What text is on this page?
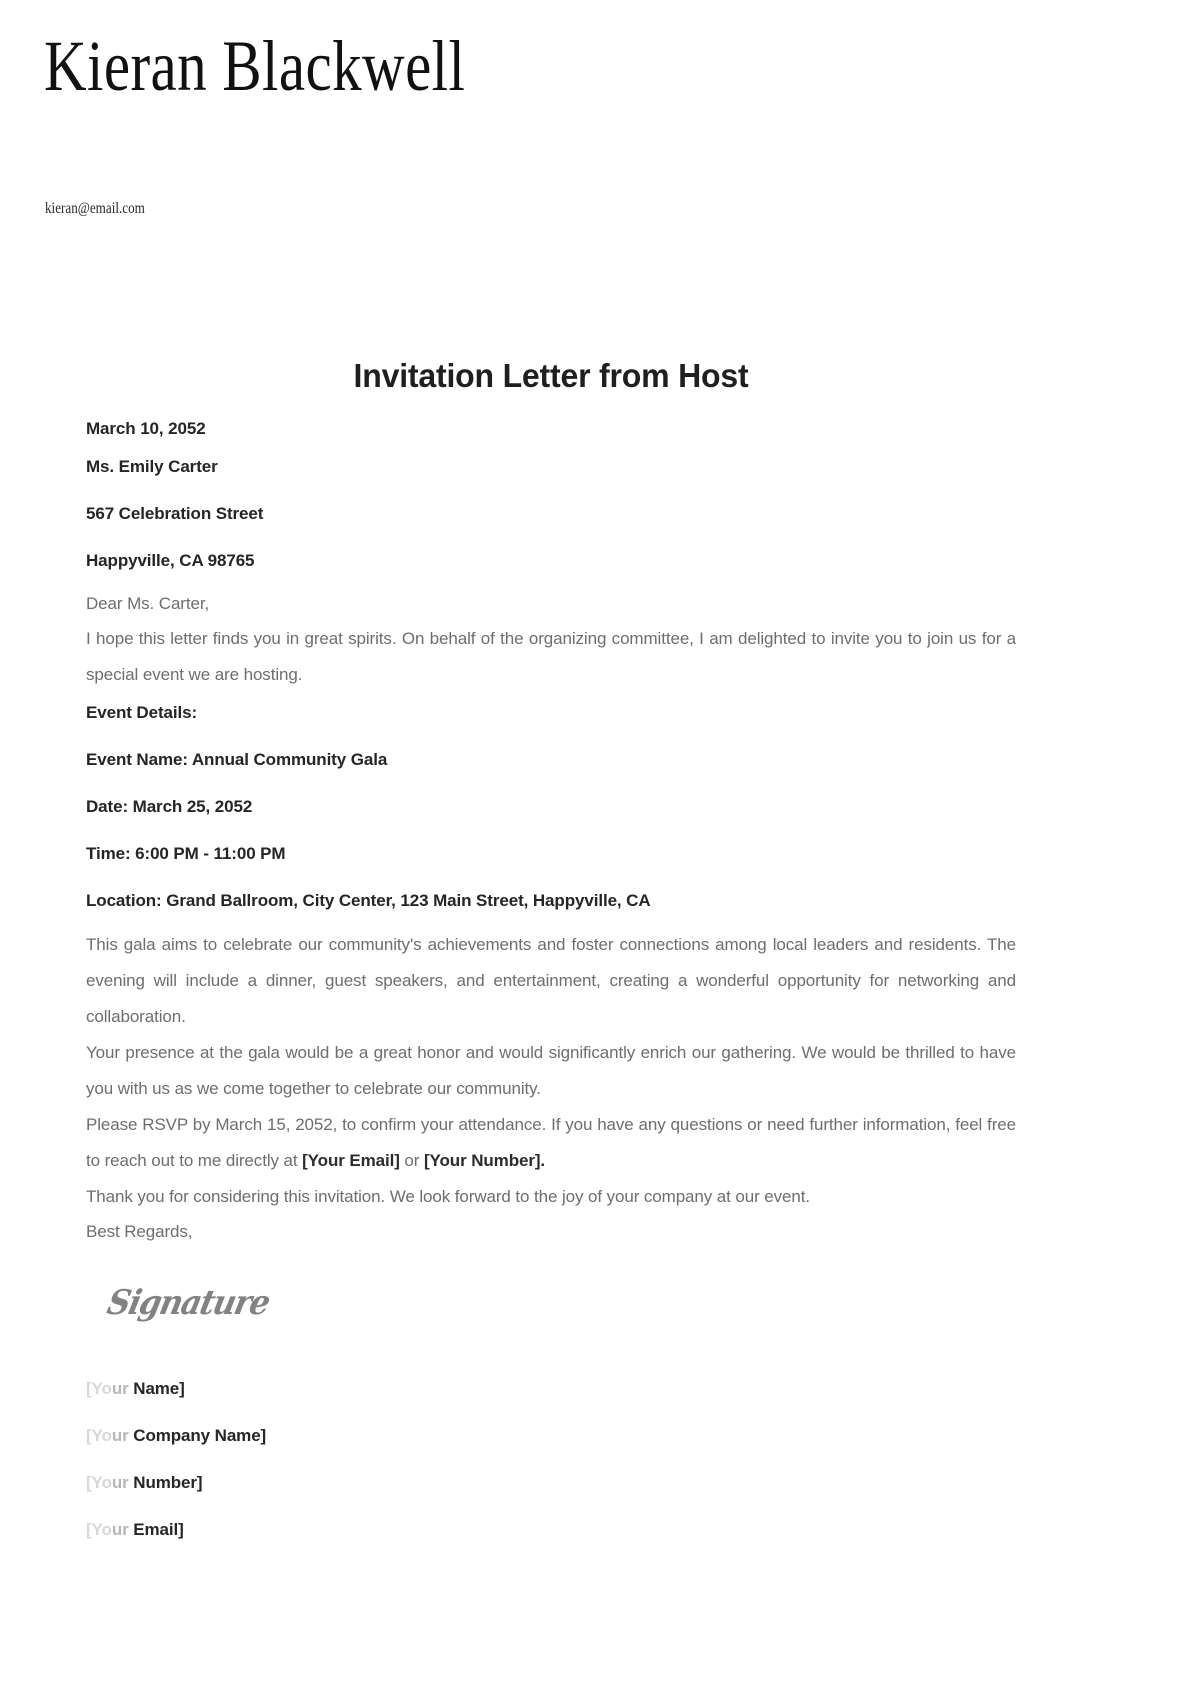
Kieran Blackwell
kieran@email.com
Invitation Letter from Host

March 10, 2052

Ms. Emily Carter

567 Celebration Street

Happyville, CA 98765

Dear Ms. Carter,

I hope this letter finds you in great spirits. On behalf of the organizing committee, I am delighted to invite you to join us for a special event we are hosting.

Event Details:

Event Name: Annual Community Gala

Date: March 25, 2052

Time: 6:00 PM - 11:00 PM

Location: Grand Ballroom, City Center, 123 Main Street, Happyville, CA

This gala aims to celebrate our community's achievements and foster connections among local leaders and residents. The evening will include a dinner, guest speakers, and entertainment, creating a wonderful opportunity for networking and collaboration.

Your presence at the gala would be a great honor and would significantly enrich our gathering. We would be thrilled to have you with us as we come together to celebrate our community.

Please RSVP by March 15, 2052, to confirm your attendance. If you have any questions or need further information, feel free to reach out to me directly at [Your Email] or [Your Number].

Thank you for considering this invitation. We look forward to the joy of your company at our event.

Best Regards,

Signature

[Your Name]

[Your Company Name]

[Your Number]

[Your Email]
